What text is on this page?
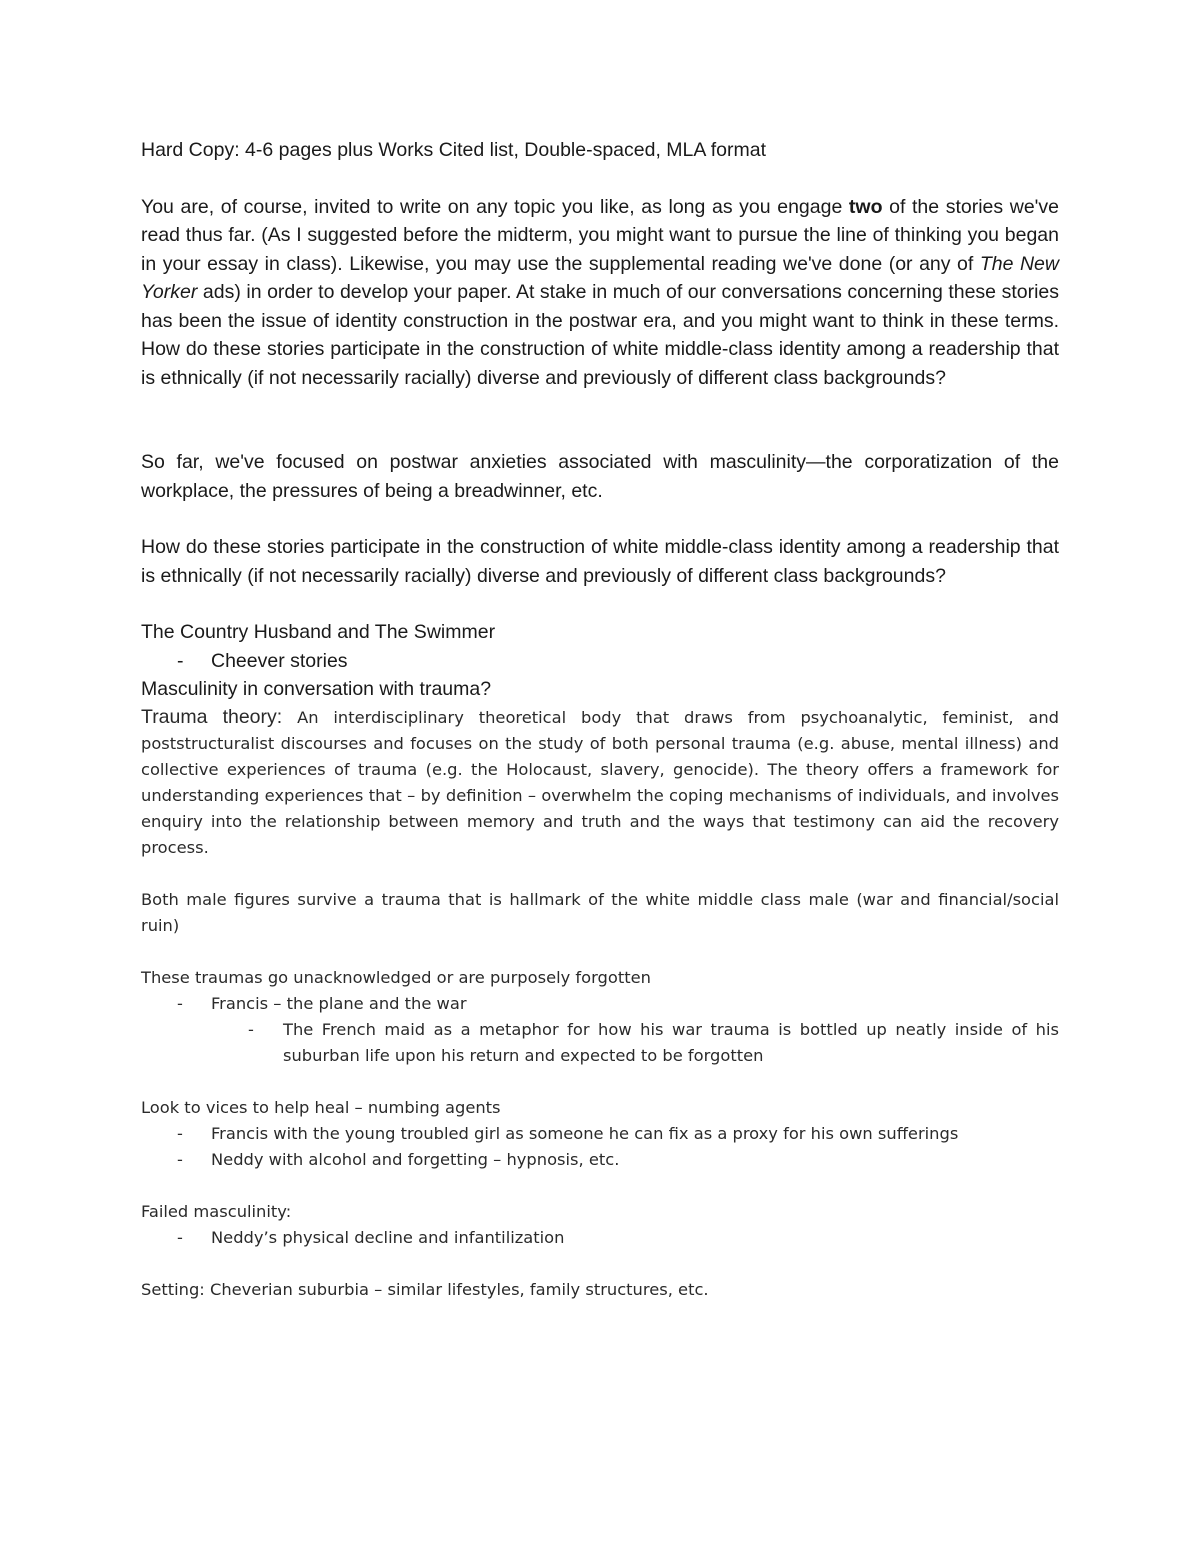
Hard Copy: 4-6 pages plus Works Cited list, Double-spaced, MLA format

You are, of course, invited to write on any topic you like, as long as you engage two of the stories we've read thus far. (As I suggested before the midterm, you might want to pursue the line of thinking you began in your essay in class). Likewise, you may use the supplemental reading we've done (or any of The New Yorker ads) in order to develop your paper. At stake in much of our conversations concerning these stories has been the issue of identity construction in the postwar era, and you might want to think in these terms. How do these stories participate in the construction of white middle-class identity among a readership that is ethnically (if not necessarily racially) diverse and previously of different class backgrounds?

So far, we've focused on postwar anxieties associated with masculinity—the corporatization of the workplace, the pressures of being a breadwinner, etc.

How do these stories participate in the construction of white middle-class identity among a readership that is ethnically (if not necessarily racially) diverse and previously of different class backgrounds?

The Country Husband and The Swimmer

- Cheever stories

Masculinity in conversation with trauma?

Trauma theory: An interdisciplinary theoretical body that draws from psychoanalytic, feminist, and poststructuralist discourses and focuses on the study of both personal trauma (e.g. abuse, mental illness) and collective experiences of trauma (e.g. the Holocaust, slavery, genocide). The theory offers a framework for understanding experiences that – by definition – overwhelm the coping mechanisms of individuals, and involves enquiry into the relationship between memory and truth and the ways that testimony can aid the recovery process.

Both male figures survive a trauma that is hallmark of the white middle class male (war and financial/social ruin)

These traumas go unacknowledged or are purposely forgotten

- Francis – the plane and the war
- The French maid as a metaphor for how his war trauma is bottled up neatly inside of his suburban life upon his return and expected to be forgotten

Look to vices to help heal – numbing agents

- Francis with the young troubled girl as someone he can fix as a proxy for his own sufferings
- Neddy with alcohol and forgetting – hypnosis, etc.

Failed masculinity:

- Neddy’s physical decline and infantilization

Setting: Cheverian suburbia – similar lifestyles, family structures, etc.
